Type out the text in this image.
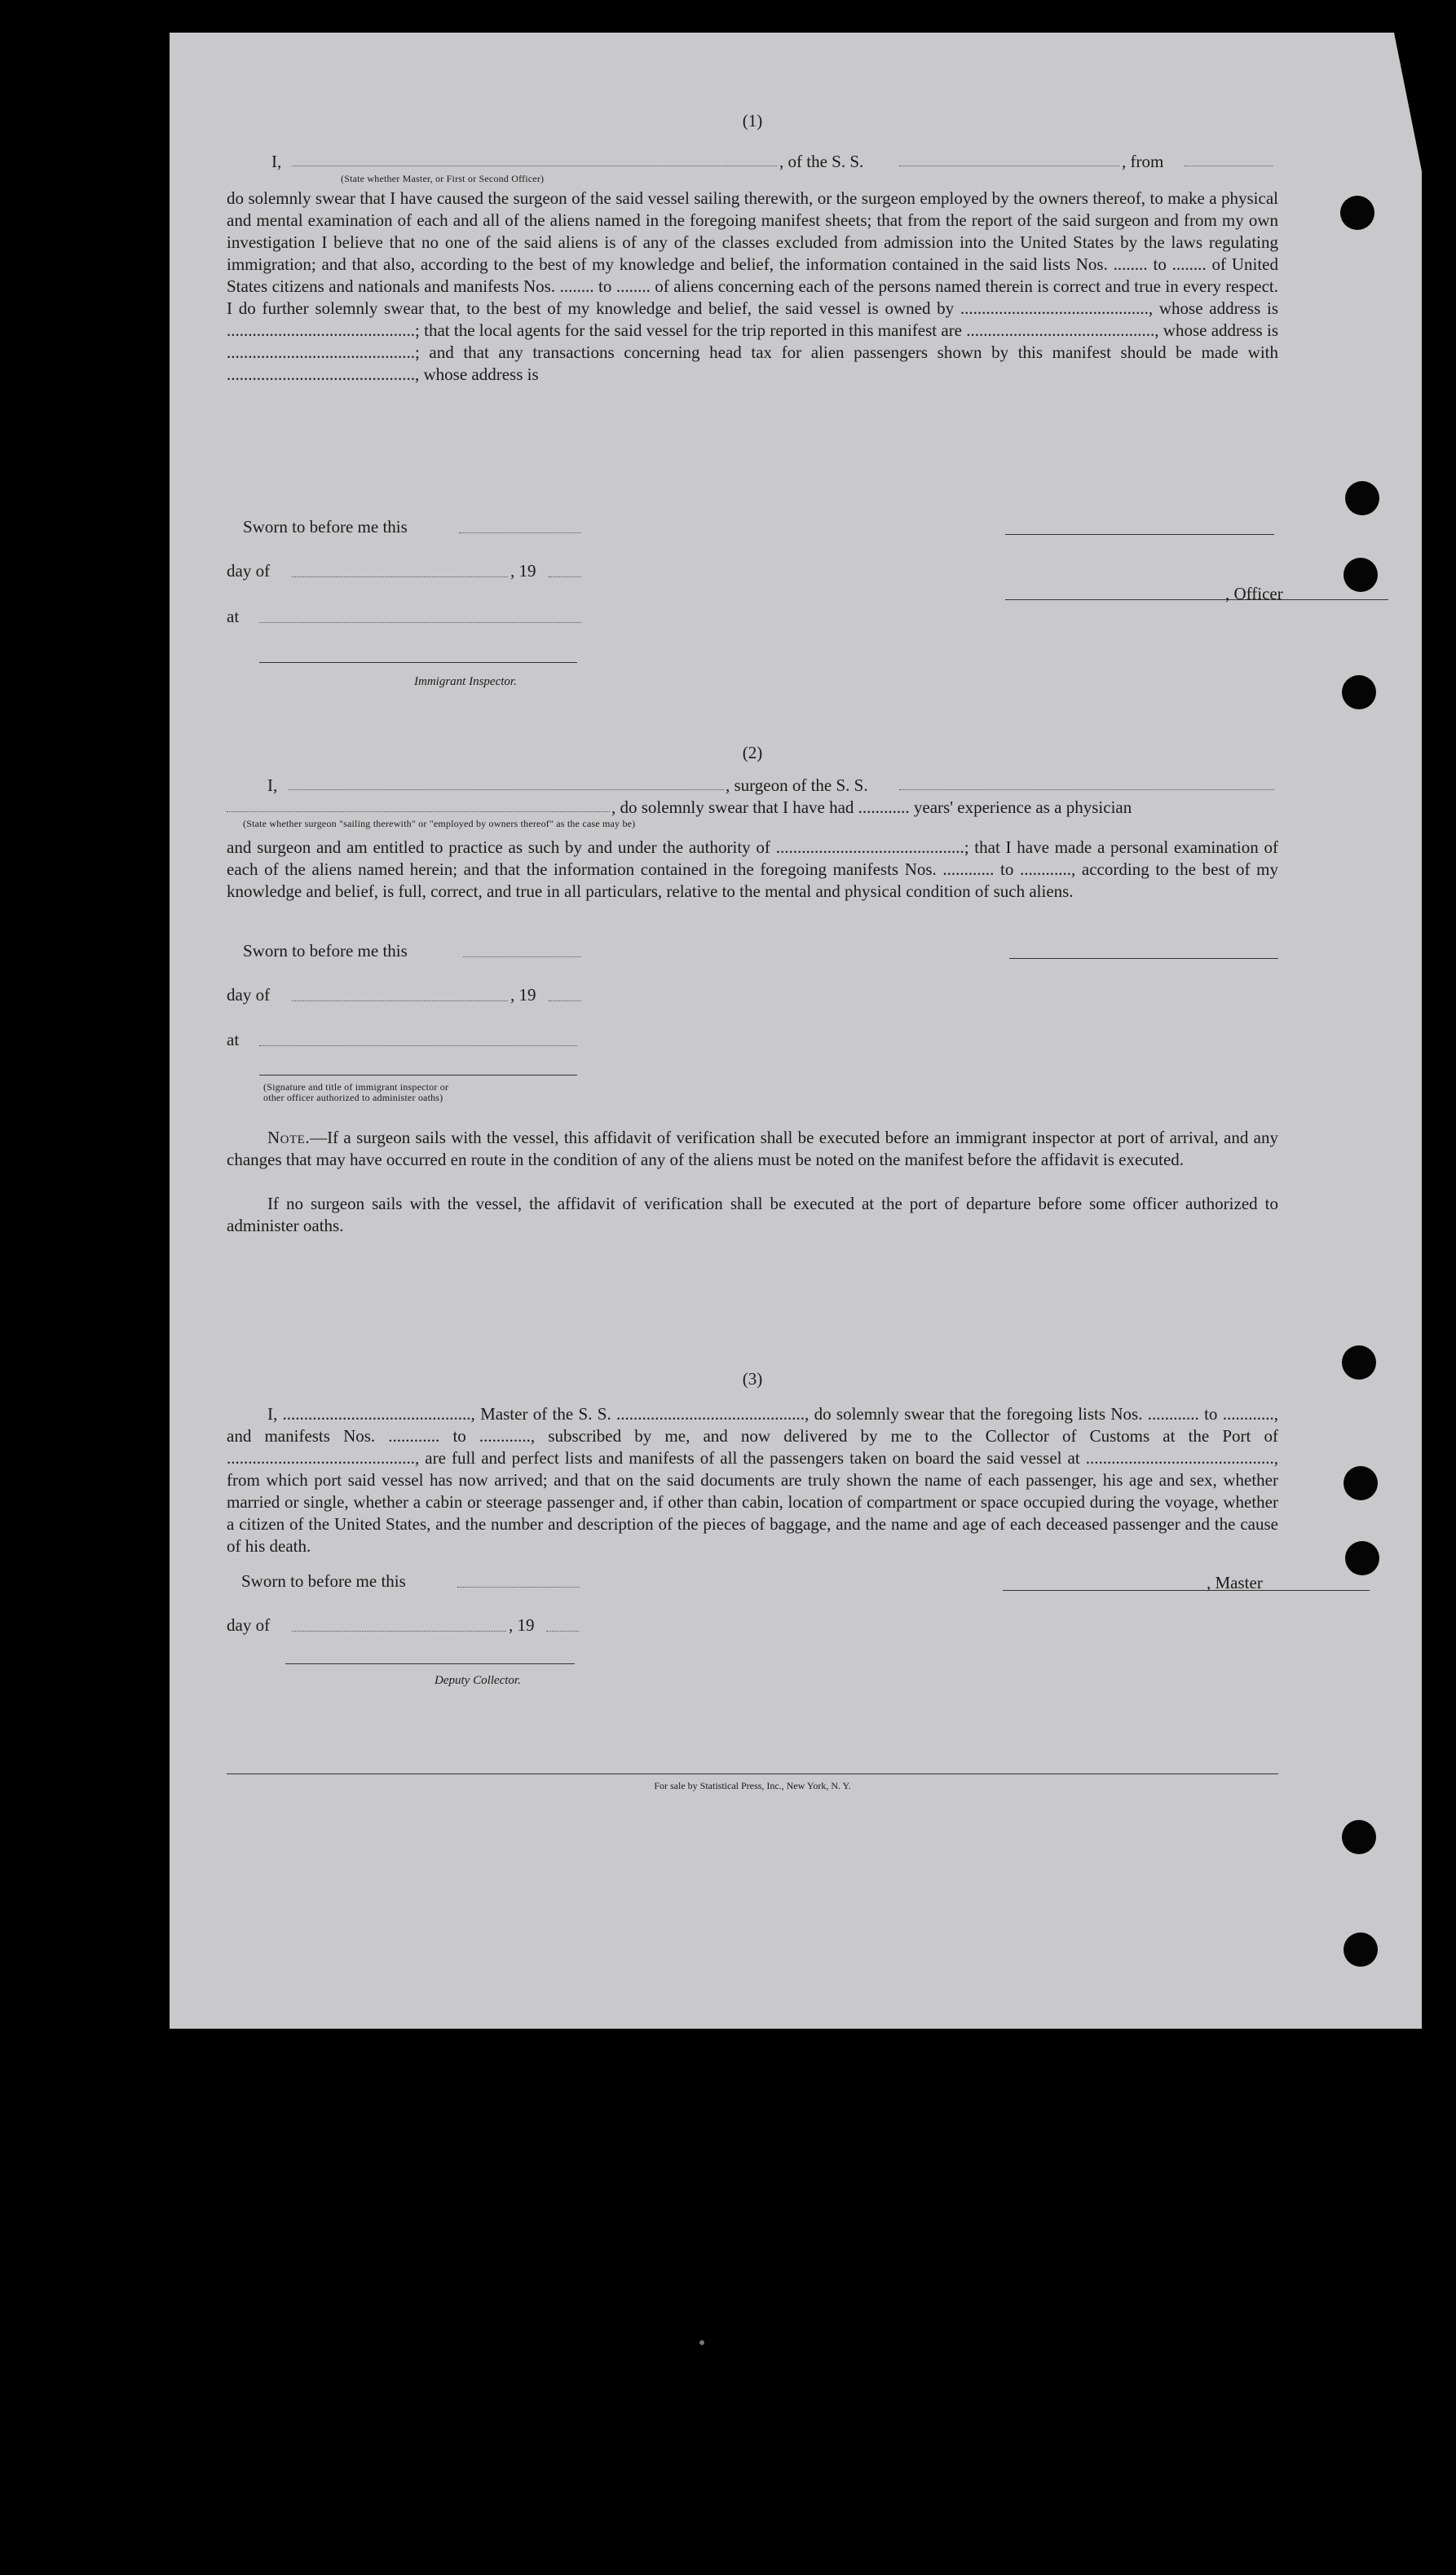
(1)
I,	, of the S. S.	, from
(State whether Master, or First or Second Officer)
do solemnly swear that I have caused the surgeon of the said vessel sailing therewith, or the surgeon employed by the owners thereof, to make a physical and mental examination of each and all of the aliens named in the foregoing manifest sheets; that from the report of the said surgeon and from my own investigation I believe that no one of the said aliens is of any of the classes excluded from admission into the United States by the laws regulating immigration; and that also, according to the best of my knowledge and belief, the information contained in the said lists Nos. ........ to ........ of United States citizens and nationals and manifests Nos. ........ to ........ of aliens concerning each of the persons named therein is correct and true in every respect. I do further solemnly swear that, to the best of my knowledge and belief, the said vessel is owned by ............................................, whose address is ............................................; that the local agents for the said vessel for the trip reported in this manifest are ............................................, whose address is ............................................; and that any transactions concerning head tax for alien passengers shown by this manifest should be made with ............................................, whose address is
Sworn to before me this
day of	, 19
, Officer
at
Immigrant Inspector.
(2)
I,	, surgeon of the S. S.
, do solemnly swear that I have had ............ years' experience as a physician
(State whether surgeon "sailing therewith" or "employed by owners thereof" as the case may be)
and surgeon and am entitled to practice as such by and under the authority of ............................................; that I have made a personal examination of each of the aliens named herein; and that the information contained in the foregoing manifests Nos. ............ to ............, according to the best of my knowledge and belief, is full, correct, and true in all particulars, relative to the mental and physical condition of such aliens.
Sworn to before me this
day of	, 19
at
(Signature and title of immigrant inspector or
other officer authorized to administer oaths)
Note.—If a surgeon sails with the vessel, this affidavit of verification shall be executed before an immigrant inspector at port of arrival, and any changes that may have occurred en route in the condition of any of the aliens must be noted on the manifest before the affidavit is executed.
If no surgeon sails with the vessel, the affidavit of verification shall be executed at the port of departure before some officer authorized to administer oaths.
(3)
I, ............................................, Master of the S. S. ............................................, do solemnly swear that the foregoing lists Nos. ............ to ............, and manifests Nos. ............ to ............, subscribed by me, and now delivered by me to the Collector of Customs at the Port of ............................................, are full and perfect lists and manifests of all the passengers taken on board the said vessel at ............................................, from which port said vessel has now arrived; and that on the said documents are truly shown the name of each passenger, his age and sex, whether married or single, whether a cabin or steerage passenger and, if other than cabin, location of compartment or space occupied during the voyage, whether a citizen of the United States, and the number and description of the pieces of baggage, and the name and age of each deceased passenger and the cause of his death.
Sworn to before me this	, Master
day of	, 19
Deputy Collector.
For sale by Statistical Press, Inc., New York, N. Y.
